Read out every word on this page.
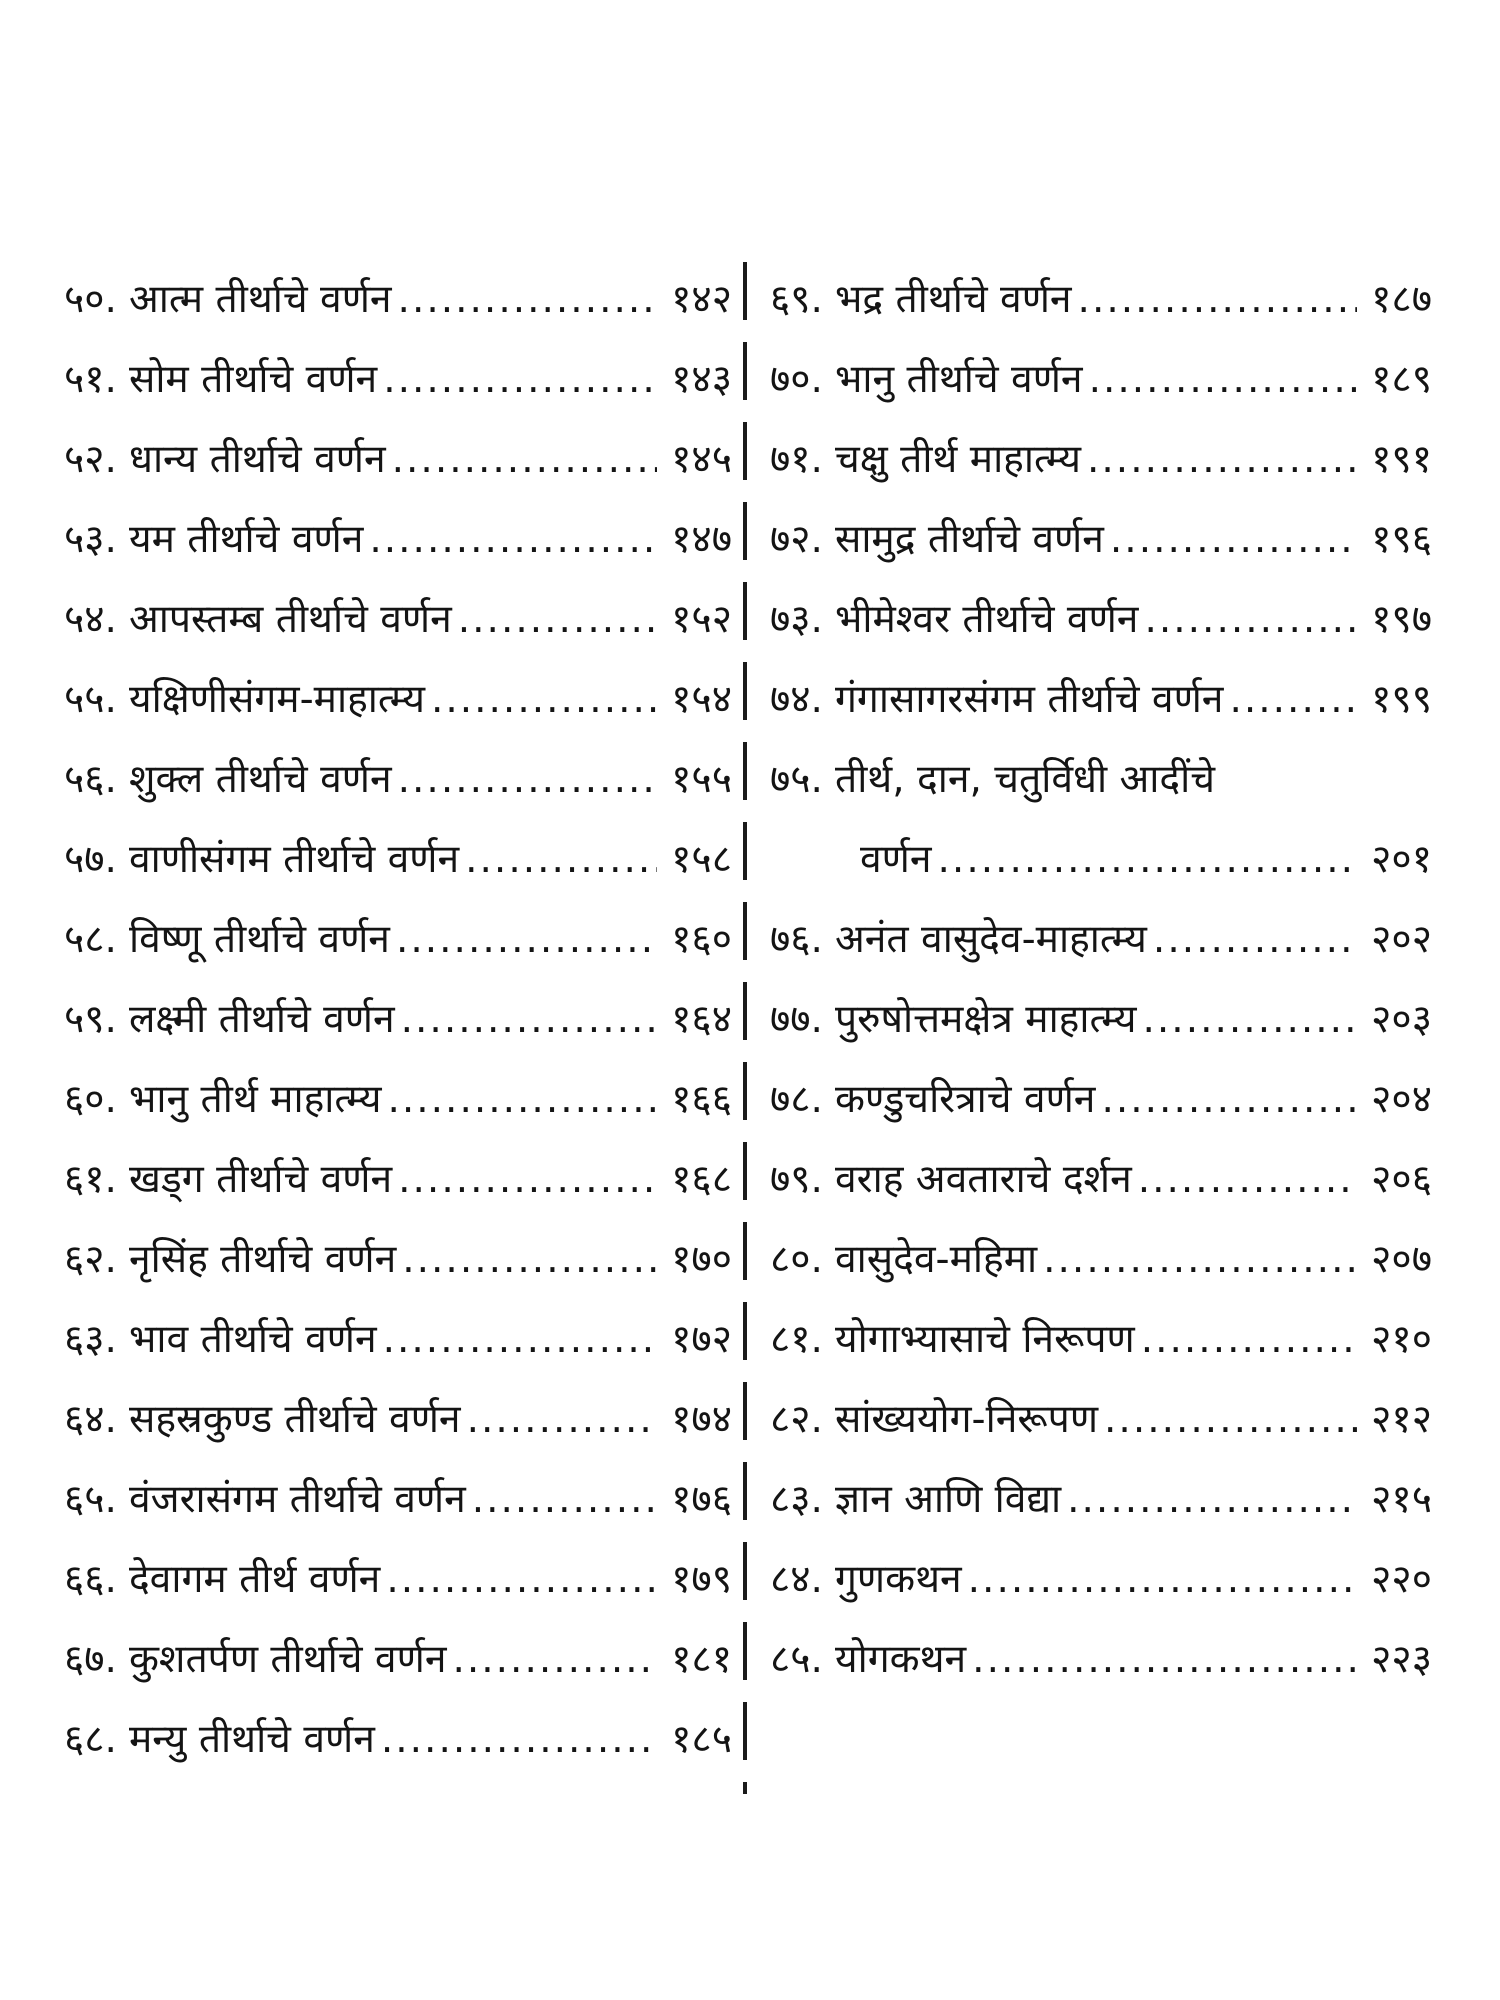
५०. आत्म तीर्थाचे वर्णन .....	१४२
५१. सोम तीर्थाचे वर्णन .....	१४३
५२. धान्य तीर्थाचे वर्णन .....	१४५
५३. यम तीर्थाचे वर्णन .....	१४७
५४. आपस्तम्ब तीर्थाचे वर्णन .....	१५२
५५. यक्षिणीसंगम-माहात्म्य .....	१५४
५६. शुक्ल तीर्थाचे वर्णन .....	१५५
५७. वाणीसंगम तीर्थाचे वर्णन .....	१५८
५८. विष्णू तीर्थाचे वर्णन .....	१६०
५९. लक्ष्मी तीर्थाचे वर्णन .....	१६४
६०. भानु तीर्थ माहात्म्य .....	१६६
६१. खड्ग तीर्थाचे वर्णन .....	१६८
६२. नृसिंह तीर्थाचे वर्णन .....	१७०
६३. भाव तीर्थाचे वर्णन .....	१७२
६४. सहस्रकुण्ड तीर्थाचे वर्णन .....	१७४
६५. वंजरासंगम तीर्थाचे वर्णन .....	१७६
६६. देवागम तीर्थ वर्णन .....	१७९
६७. कुशतर्पण तीर्थाचे वर्णन .....	१८१
६८. मन्यु तीर्थाचे वर्णन .....	१८५
६९. भद्र तीर्थाचे वर्णन .....	१८७
७०. भानु तीर्थाचे वर्णन .....	१८९
७१. चक्षु तीर्थ माहात्म्य .....	१९१
७२. सामुद्र तीर्थाचे वर्णन .....	१९६
७३. भीमेश्वर तीर्थाचे वर्णन .....	१९७
७४. गंगासागरसंगम तीर्थाचे वर्णन .....	१९९
७५. तीर्थ, दान, चतुर्विधी आदींचे
वर्णन .....	२०१
७६. अनंत वासुदेव-माहात्म्य .....	२०२
७७. पुरुषोत्तमक्षेत्र माहात्म्य .....	२०३
७८. कण्डुचरित्राचे वर्णन .....	२०४
७९. वराह अवताराचे दर्शन .....	२०६
८०. वासुदेव-महिमा .....	२०७
८१. योगाभ्यासाचे निरूपण .....	२१०
८२. सांख्ययोग-निरूपण .....	२१२
८३. ज्ञान आणि विद्या .....	२१५
८४. गुणकथन .....	२२०
८५. योगकथन .....	२२३
